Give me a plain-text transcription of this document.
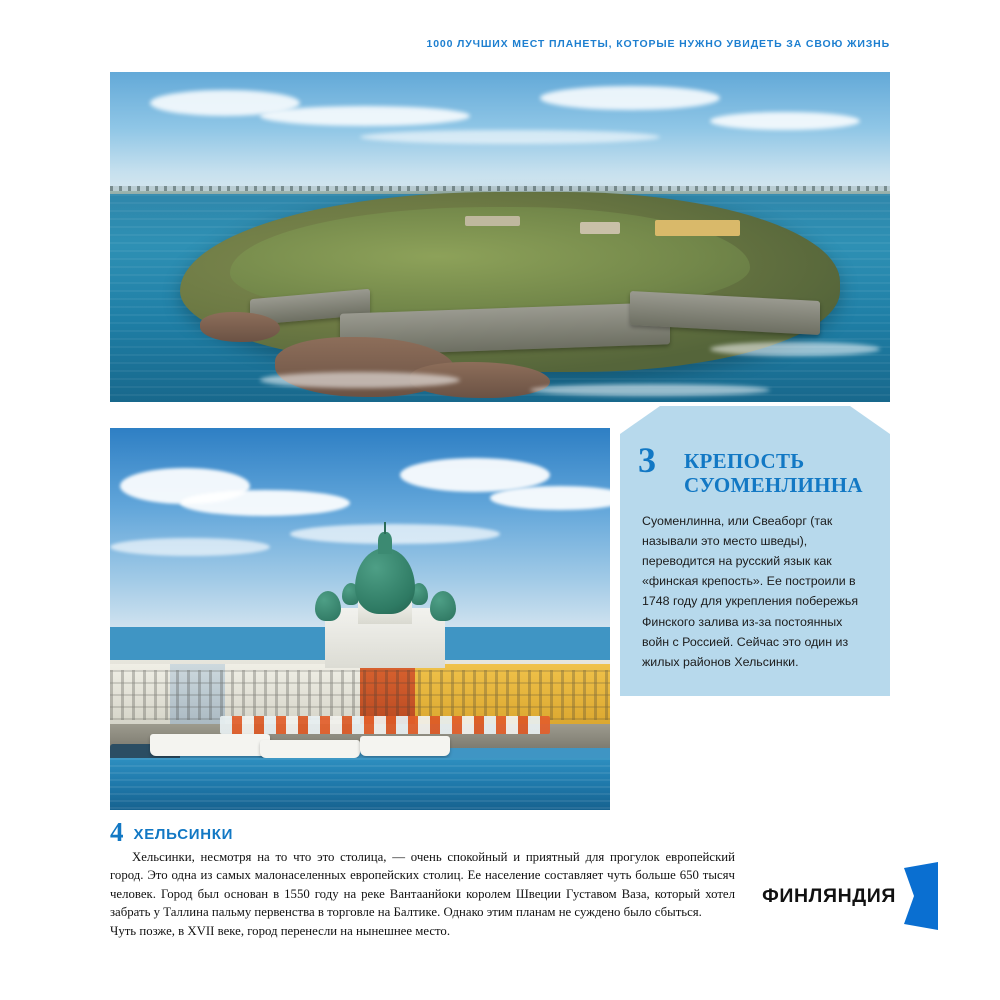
1000 ЛУЧШИХ МЕСТ ПЛАНЕТЫ, КОТОРЫЕ НУЖНО УВИДЕТЬ ЗА СВОЮ ЖИЗНЬ
3 КРЕПОСТЬ СУОМЕНЛИННА

Суоменлинна, или Свеаборг (так называли это место шведы), переводится на русский язык как «финская крепость». Ее построили в 1748 году для укрепления побережья Финского залива из-за постоянных войн с Россией. Сейчас это один из жилых районов Хельсинки.

4 ХЕЛЬСИНКИ

Хельсинки, несмотря на то что это столица, — очень спокойный и приятный для прогулок европейский город. Это одна из самых малонаселенных европейских столиц. Ее население составляет чуть больше 650 тысяч человек. Город был основан в 1550 году на реке Вантаанйоки королем Швеции Густавом Ваза, который хотел забрать у Таллина пальму первенства в торговле на Балтике. Однако этим планам не суждено было сбыться.

Чуть позже, в XVII веке, город перенесли на нынешнее место.

ФИНЛЯНДИЯ
